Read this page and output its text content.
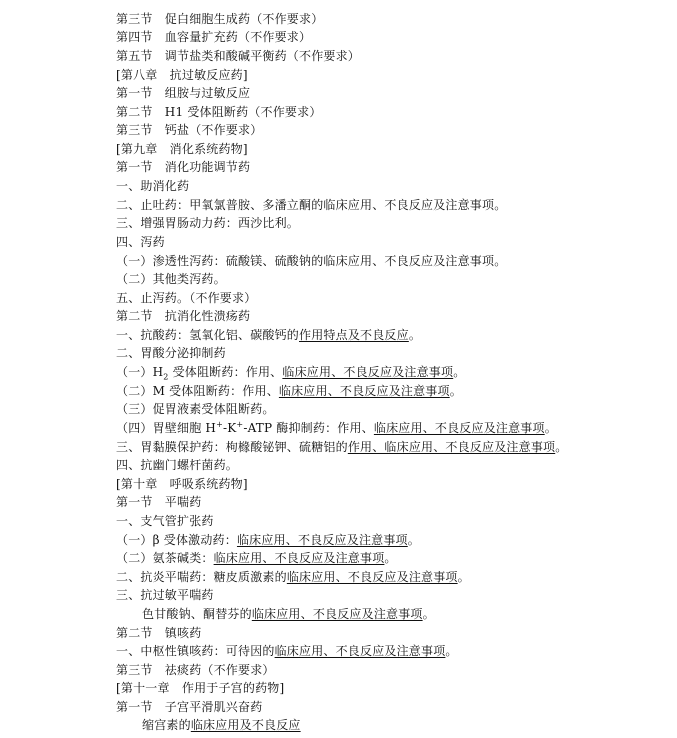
第三节　促白细胞生成药（不作要求）
第四节　血容量扩充药（不作要求）
第五节　调节盐类和酸碱平衡药（不作要求）
[第八章　抗过敏反应药]
第一节　组胺与过敏反应
第二节　H1 受体阻断药（不作要求）
第三节　钙盐（不作要求）
[第九章　消化系统药物]
第一节　消化功能调节药
一、助消化药
二、止吐药：甲氧氯普胺、多潘立酮的临床应用、不良反应及注意事项。
三、增强胃肠动力药：西沙比利。
四、泻药
（一）渗透性泻药：硫酸镁、硫酸钠的临床应用、不良反应及注意事项。
（二）其他类泻药。
五、止泻药。（不作要求）
第二节　抗消化性溃疡药
一、抗酸药：氢氧化铝、碳酸钙的作用特点及不良反应。
二、胃酸分泌抑制药
（一）$H_2$ 受体阻断药：作用、临床应用、不良反应及注意事项。
（二）M 受体阻断药：作用、临床应用、不良反应及注意事项。
（三）促胃液素受体阻断药。
（四）胃壁细胞 H+-K+-ATP 酶抑制药：作用、临床应用、不良反应及注意事项。
三、胃黏膜保护药：枸橼酸铋钾、硫糖铝的作用、临床应用、不良反应及注意事项。
四、抗幽门螺杆菌药。
[第十章　呼吸系统药物]
第一节　平喘药
一、支气管扩张药
（一）β 受体激动药：临床应用、不良反应及注意事项。
（二）氨茶碱类：临床应用、不良反应及注意事项。
二、抗炎平喘药：糖皮质激素的临床应用、不良反应及注意事项。
三、抗过敏平喘药
色甘酸钠、酮替芬的临床应用、不良反应及注意事项。
第二节　镇咳药
一、中枢性镇咳药：可待因的临床应用、不良反应及注意事项。
第三节　祛痰药（不作要求）
[第十一章　作用于子宫的药物]
第一节　子宫平滑肌兴奋药
缩宫素的临床应用及不良反应
